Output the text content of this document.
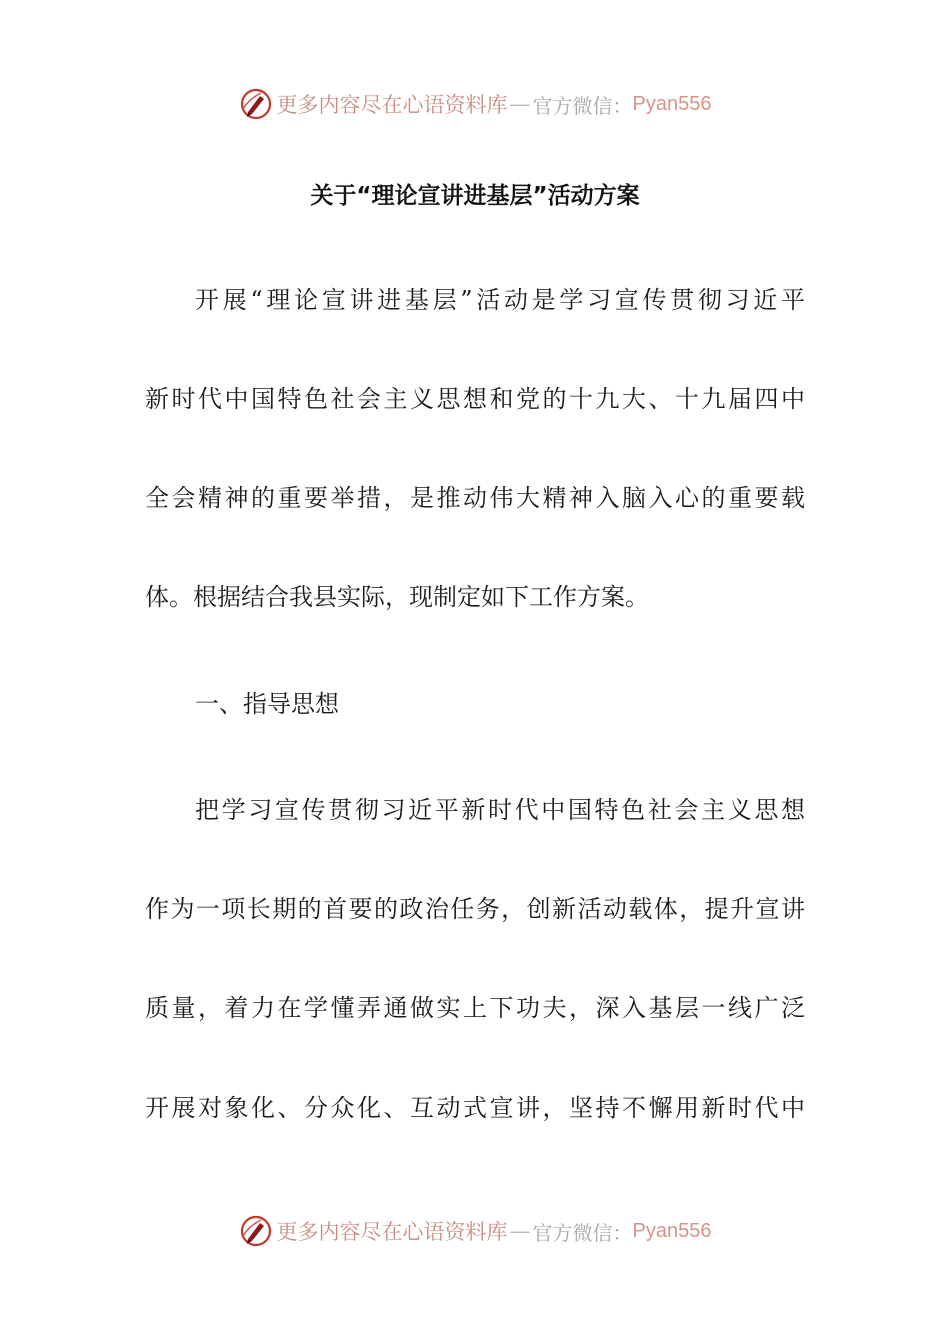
更多内容尽在心语资料库 — 官方微信： Pyan556
关于“理论宣讲进基层”活动方案
开展“理论宣讲进基层”活动是学习宣传贯彻习近平
新时代中国特色社会主义思想和党的十九大、十九届四中
全会精神的重要举措，是推动伟大精神入脑入心的重要载
体。根据结合我县实际，现制定如下工作方案。
一、指导思想
把学习宣传贯彻习近平新时代中国特色社会主义思想
作为一项长期的首要的政治任务，创新活动载体，提升宣讲
质量，着力在学懂弄通做实上下功夫，深入基层一线广泛
开展对象化、分众化、互动式宣讲，坚持不懈用新时代中
更多内容尽在心语资料库 — 官方微信： Pyan556
